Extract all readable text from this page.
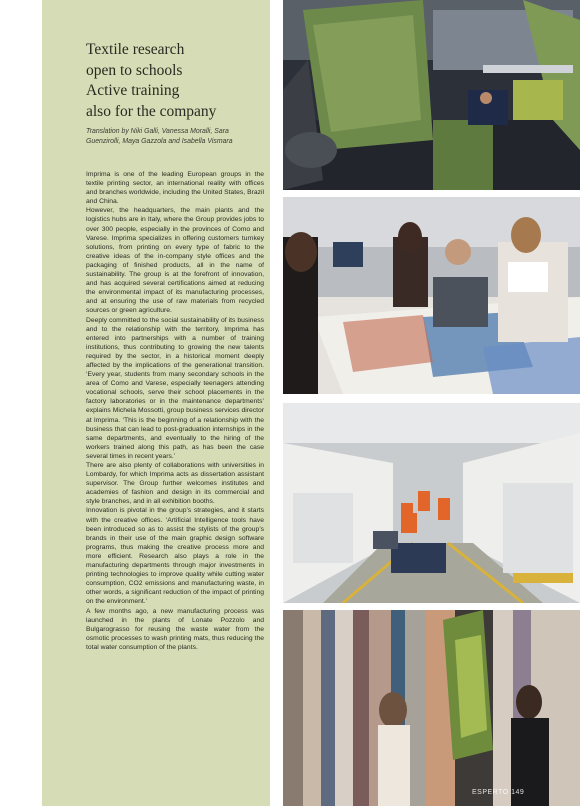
Textile research
open to schools
Active training
also for the company

Translation by Niki Galli, Vanessa Moralli, Sara Guenzirolli, Maya Gazzola and Isabella Vismara

Imprima is one of the leading European groups in the textile printing sector, an international reality with offices and branches worldwide, including the United States, Brazil and China.

However, the headquarters, the main plants and the logistics hubs are in Italy, where the Group provides jobs to over 300 people, especially in the provinces of Como and Varese. Imprima specializes in offering customers turnkey solutions, from printing on every type of fabric to the creative ideas of the in-company style offices and the packaging of finished products, all in the name of sustainability. The group is at the forefront of innovation, and has acquired several certifications aimed at reducing the environmental impact of its manufacturing processes, and at ensuring the use of raw materials from recycled sources or green agriculture.

Deeply committed to the social sustainability of its business and to the relationship with the territory, Imprima has entered into partnerships with a number of training institutions, thus contributing to growing the new talents required by the sector, in a historical moment deeply affected by the implications of the generational transition. ‘Every year, students from many secondary schools in the area of Como and Varese, especially teenagers attending vocational schools, serve their school placements in the factory laboratories or in the maintenance departments’ explains Michela Mossotti, group business services director at Imprima. ‘This is the beginning of a relationship with the business that can lead to post-graduation internships in the same departments, and eventually to the hiring of the workers trained along this path, as has been the case several times in recent years.’

There are also plenty of collaborations with universities in Lombardy, for which Imprima acts as dissertation assistant supervisor. The Group further welcomes institutes and academies of fashion and design in its commercial and style branches, and in all exhibition booths.

Innovation is pivotal in the group’s strategies, and it starts with the creative offices. ‘Artificial Intelligence tools have been introduced so as to assist the stylists of the group’s brands in their use of the main graphic design software programs, thus making the creative process more and more efficient. Research also plays a role in the manufacturing departments through major investments in printing technologies to improve quality while cutting water consumption, CO2 emissions and manufacturing waste, in other words, a significant reduction of the impact of printing on the environment.’

A few months ago, a new manufacturing process was launched in the plants of Lonate Pozzolo and Bulgarograsso for reusing the waste water from the osmotic processes to wash printing mats, thus reducing the total water consumption of the plants.

ESPERTO 149
